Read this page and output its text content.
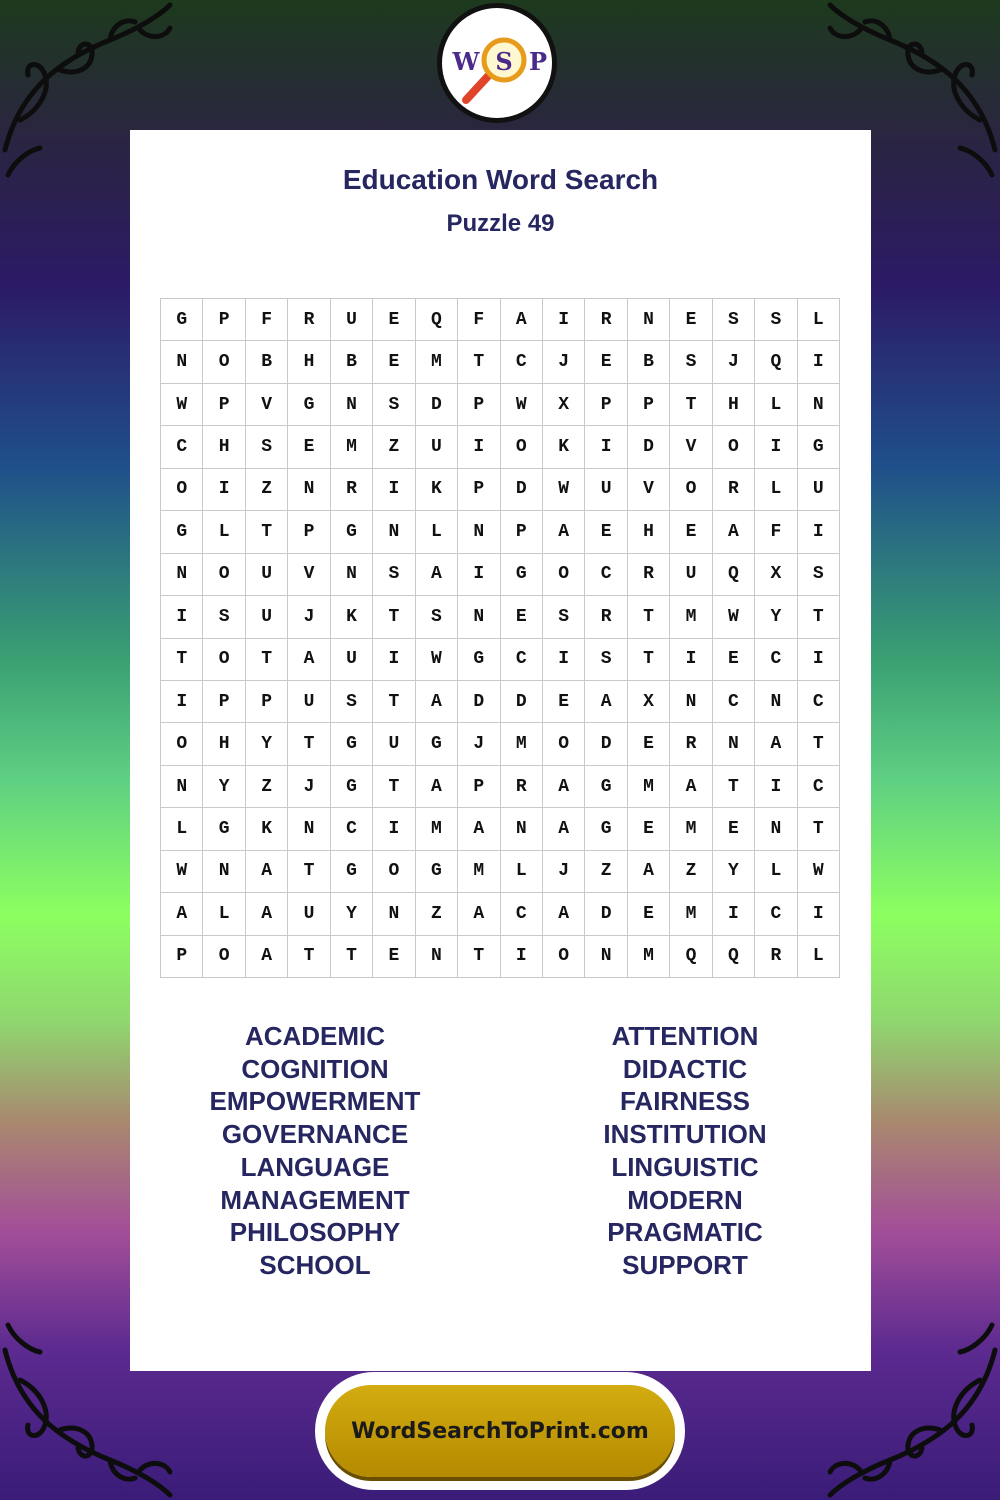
Education Word Search
Puzzle 49
G	P	F	R	U	E	Q	F	A	I	R	N	E	S	S	L
N	O	B	H	B	E	M	T	C	J	E	B	S	J	Q	I
W	P	V	G	N	S	D	P	W	X	P	P	T	H	L	N
C	H	S	E	M	Z	U	I	O	K	I	D	V	O	I	G
O	I	Z	N	R	I	K	P	D	W	U	V	O	R	L	U
G	L	T	P	G	N	L	N	P	A	E	H	E	A	F	I
N	O	U	V	N	S	A	I	G	O	C	R	U	Q	X	S
I	S	U	J	K	T	S	N	E	S	R	T	M	W	Y	T
T	O	T	A	U	I	W	G	C	I	S	T	I	E	C	I
I	P	P	U	S	T	A	D	D	E	A	X	N	C	N	C
O	H	Y	T	G	U	G	J	M	O	D	E	R	N	A	T
N	Y	Z	J	G	T	A	P	R	A	G	M	A	T	I	C
L	G	K	N	C	I	M	A	N	A	G	E	M	E	N	T
W	N	A	T	G	O	G	M	L	J	Z	A	Z	Y	L	W
A	L	A	U	Y	N	Z	A	C	A	D	E	M	I	C	I
P	O	A	T	T	E	N	T	I	O	N	M	Q	Q	R	L
ACADEMIC
COGNITION
EMPOWERMENT
GOVERNANCE
LANGUAGE
MANAGEMENT
PHILOSOPHY
SCHOOL
ATTENTION
DIDACTIC
FAIRNESS
INSTITUTION
LINGUISTIC
MODERN
PRAGMATIC
SUPPORT
W S P
WordSearchToPrint.com
